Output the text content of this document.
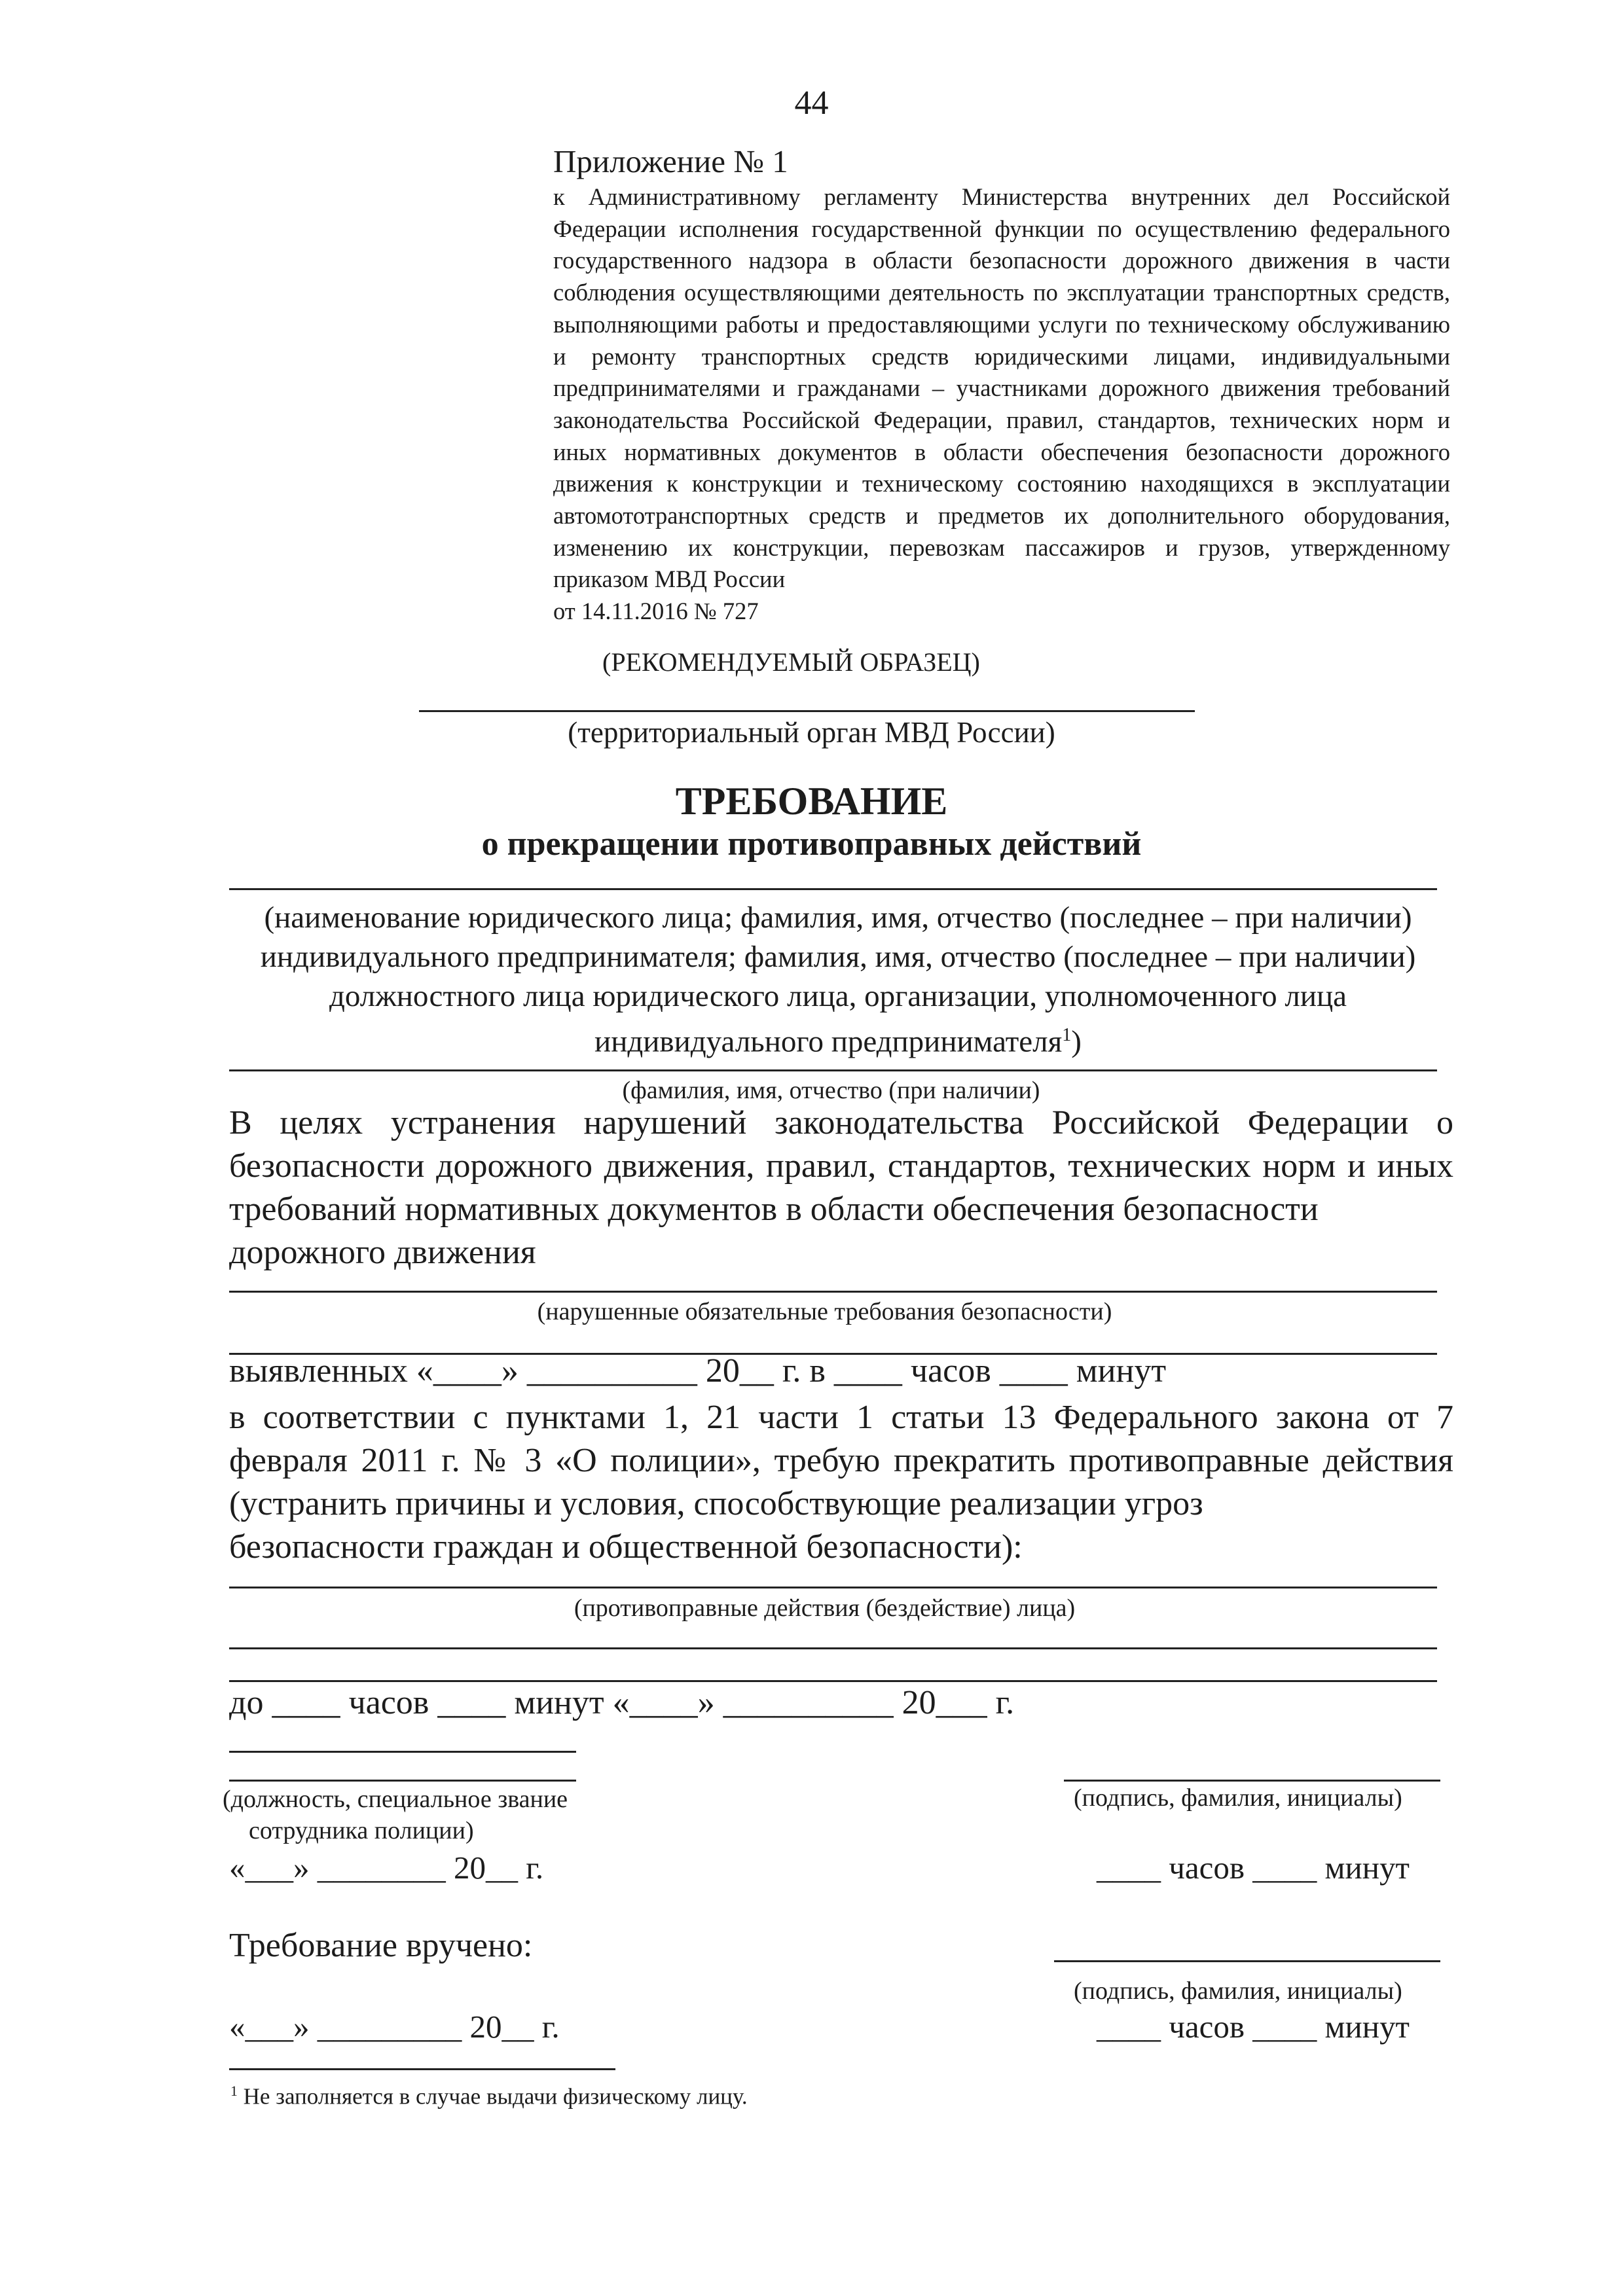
44
Приложение № 1
к Административному регламенту Министерства внутренних дел Российской Федерации исполнения государственной функции по осуществлению федерального государственного надзора в области безопасности дорожного движения в части соблюдения осуществляющими деятельность по эксплуатации транспортных средств, выполняющими работы и предоставляющими услуги по техническому обслуживанию и ремонту транспортных средств юридическими лицами, индивидуальными предпринимателями и гражданами – участниками дорожного движения требований законодательства Российской Федерации, правил, стандартов, технических норм и иных нормативных документов в области обеспечения безопасности дорожного движения к конструкции и техническому состоянию находящихся в эксплуатации автомототранспортных средств и предметов их дополнительного оборудования, изменению их конструкции, перевозкам пассажиров и грузов, утвержденному приказом МВД России
от 14.11.2016 № 727
(РЕКОМЕНДУЕМЫЙ ОБРАЗЕЦ)
(территориальный орган МВД России)
ТРЕБОВАНИЕ
о прекращении противоправных действий
(наименование юридического лица; фамилия, имя, отчество (последнее – при наличии)
индивидуального предпринимателя; фамилия, имя, отчество (последнее – при наличии)
должностного лица юридического лица, организации, уполномоченного лица
индивидуального предпринимателя$^1$)
(фамилия, имя, отчество (при наличии)
В целях устранения нарушений законодательства Российской Федерации о безопасности дорожного движения, правил, стандартов, технических норм и иных требований нормативных документов в области обеспечения безопасности
дорожного движения
(нарушенные обязательные требования безопасности)
выявленных «____» __________ 20__ г. в ____ часов ____ минут
в соответствии с пунктами 1, 21 части 1 статьи 13 Федерального закона от 7 февраля 2011 г. № 3 «О полиции», требую прекратить противоправные действия (устранить причины и условия, способствующие реализации угроз
безопасности граждан и общественной безопасности):
(противоправные действия (бездействие) лица)
до ____ часов ____ минут «____» __________ 20___ г.
(должность, специальное звание
сотрудника полиции)
(подпись, фамилия, инициалы)
«___» ________ 20__ г.	____ часов ____ минут
Требование вручено:
(подпись, фамилия, инициалы)
«___» _________ 20__ г.	____ часов ____ минут
$^1$ Не заполняется в случае выдачи физическому лицу.
